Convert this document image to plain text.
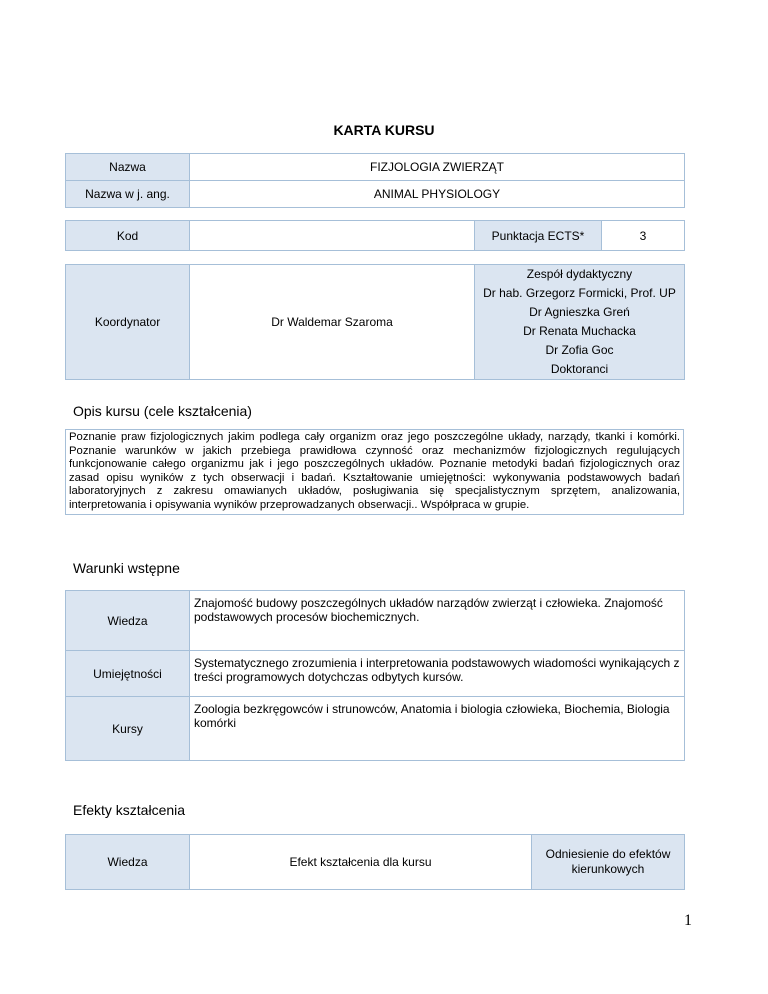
KARTA KURSU
Nazwa	FIZJOLOGIA ZWIERZĄT
Nazwa w j. ang.	ANIMAL PHYSIOLOGY
Kod		Punktacja ECTS*	3
Koordynator	Dr Waldemar Szaroma	
Zespół dydaktyczny
Dr hab. Grzegorz Formicki, Prof. UP
Dr Agnieszka Greń
Dr Renata Muchacka
Dr Zofia Goc
Doktoranci
Opis kursu (cele kształcenia)
Poznanie praw fizjologicznych jakim podlega cały organizm oraz jego poszczególne układy, narządy, tkanki i komórki. Poznanie warunków w jakich przebiega prawidłowa czynność oraz mechanizmów fizjologicznych regulujących funkcjonowanie całego organizmu jak i jego poszczególnych układów. Poznanie metodyki badań fizjologicznych oraz zasad opisu wyników z tych obserwacji i badań. Kształtowanie umiejętności: wykonywania podstawowych badań laboratoryjnych z zakresu omawianych układów, posługiwania się specjalistycznym sprzętem, analizowania, interpretowania i opisywania wyników przeprowadzanych obserwacji.. Współpraca w grupie.
Warunki wstępne
Wiedza	Znajomość budowy poszczególnych układów narządów zwierząt i człowieka. Znajomość podstawowych procesów biochemicznych.
Umiejętności	Systematycznego zrozumienia i interpretowania podstawowych wiadomości wynikających z treści programowych dotychczas odbytych kursów.
Kursy	Zoologia bezkręgowców i strunowców, Anatomia i biologia człowieka, Biochemia, Biologia komórki
Efekty kształcenia
Wiedza	Efekt kształcenia dla kursu	Odniesienie do efektów kierunkowych
1
